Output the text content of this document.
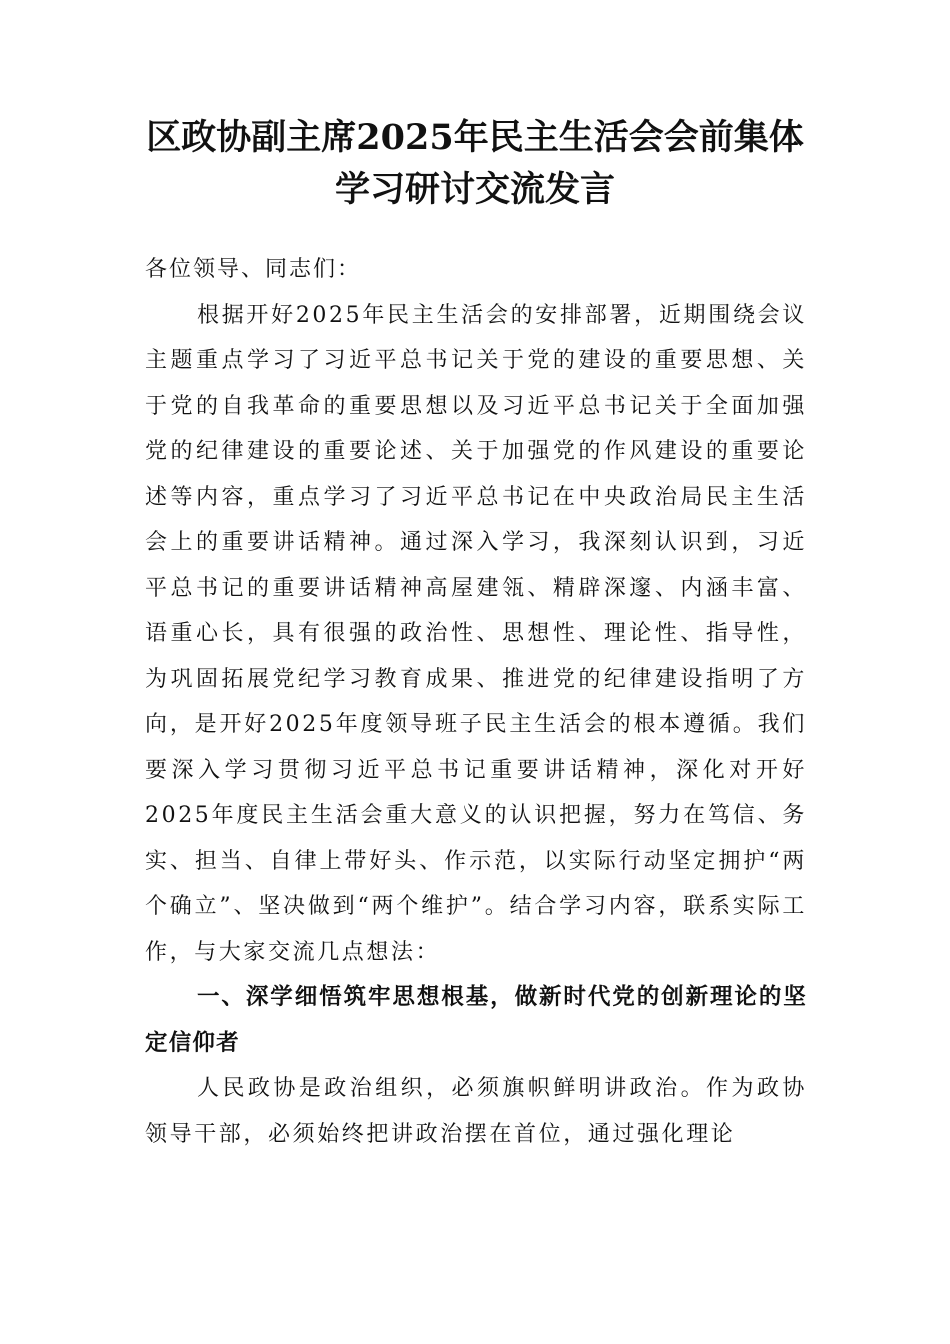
区政协副主席2025年民主生活会会前集体
学习研讨交流发言

各位领导、同志们：

根据开好2025年民主生活会的安排部署，近期围绕会议主题重点学习了习近平总书记关于党的建设的重要思想、关于党的自我革命的重要思想以及习近平总书记关于全面加强党的纪律建设的重要论述、关于加强党的作风建设的重要论述等内容，重点学习了习近平总书记在中央政治局民主生活会上的重要讲话精神。通过深入学习，我深刻认识到，习近平总书记的重要讲话精神高屋建瓴、精辟深邃、内涵丰富、语重心长，具有很强的政治性、思想性、理论性、指导性，为巩固拓展党纪学习教育成果、推进党的纪律建设指明了方向，是开好2025年度领导班子民主生活会的根本遵循。我们要深入学习贯彻习近平总书记重要讲话精神，深化对开好2025年度民主生活会重大意义的认识把握，努力在笃信、务实、担当、自律上带好头、作示范，以实际行动坚定拥护“两个确立”、坚决做到“两个维护”。结合学习内容，联系实际工作，与大家交流几点想法：

一、深学细悟筑牢思想根基，做新时代党的创新理论的坚定信仰者

人民政协是政治组织，必须旗帜鲜明讲政治。作为政协领导干部，必须始终把讲政治摆在首位，通过强化理论
